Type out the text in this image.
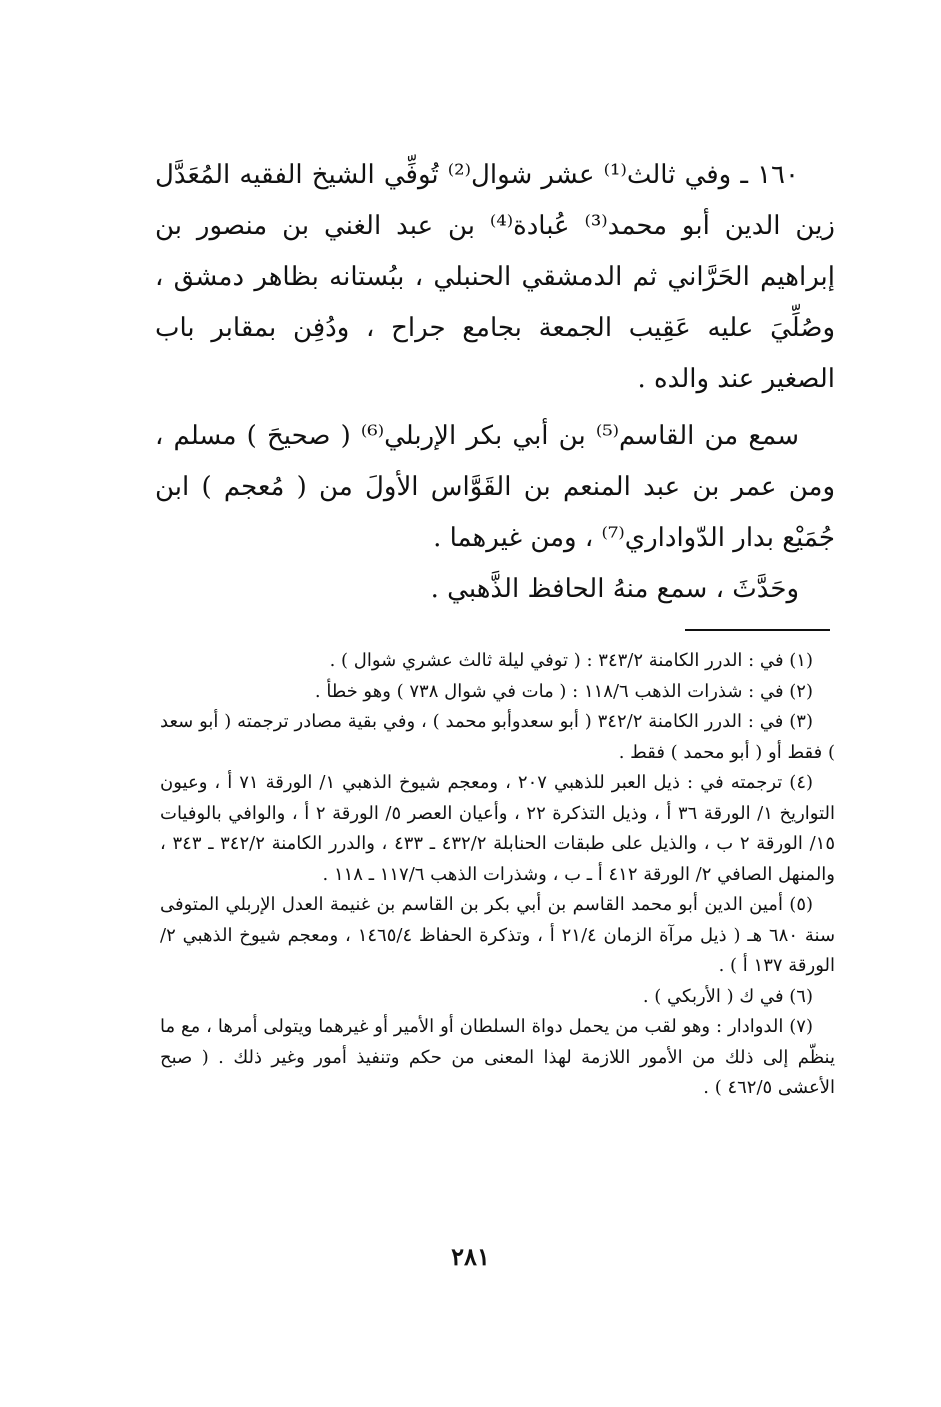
١٦٠ ـ وفي ثالث⁽¹⁾ عشر شوال⁽²⁾ تُوفِّي الشيخ الفقيه المُعَدَّل زين الدين أبو محمد⁽³⁾ عُبادة⁽⁴⁾ بن عبد الغني بن منصور بن إبراهيم الحَرَّاني ثم الدمشقي الحنبلي ، ببُستانه بظاهر دمشق ، وصُلِّيَ عليه عَقِيب الجمعة بجامع جراح ، ودُفِن بمقابر باب الصغير عند والده .

سمع من القاسم⁽⁵⁾ بن أبي بكر الإربلي⁽⁶⁾ ( صحيحَ ) مسلم ، ومن عمر بن عبد المنعم بن القَوَّاس الأولَ من ( مُعجم ) ابن جُمَيْع بدار الدّواداري⁽⁷⁾ ، ومن غيرهما .

وحَدَّثَ ، سمع منهُ الحافظ الذَّهبي .

(١) في : الدرر الكامنة ٣٤٣/٢ : ( توفي ليلة ثالث عشري شوال ) .

(٢) في : شذرات الذهب ١١٨/٦ : ( مات في شوال ٧٣٨ ) وهو خطأ .

(٣) في : الدرر الكامنة ٣٤٢/٢ ( أبو سعدوأبو محمد ) ، وفي بقية مصادر ترجمته ( أبو سعد ) فقط أو ( أبو محمد ) فقط .

(٤) ترجمته في : ذيل العبر للذهبي ٢٠٧ ، ومعجم شيوخ الذهبي ١/ الورقة ٧١ أ ، وعيون التواريخ ١/ الورقة ٣٦ أ ، وذيل التذكرة ٢٢ ، وأعيان العصر ٥/ الورقة ٢ أ ، والوافي بالوفيات ١٥/ الورقة ٢ ب ، والذيل على طبقات الحنابلة ٤٣٢/٢ ـ ٤٣٣ ، والدرر الكامنة ٣٤٢/٢ ـ ٣٤٣ ، والمنهل الصافي ٢/ الورقة ٤١٢ أ ـ ب ، وشذرات الذهب ١١٧/٦ ـ ١١٨ .

(٥) أمين الدين أبو محمد القاسم بن أبي بكر بن القاسم بن غنيمة العدل الإربلي المتوفى سنة ٦٨٠ هـ ( ذيل مرآة الزمان ٢١/٤ أ ، وتذكرة الحفاظ ١٤٦٥/٤ ، ومعجم شيوخ الذهبي ٢/ الورقة ١٣٧ أ ) .

(٦) في ك ( الأربكي ) .

(٧) الدوادار : وهو لقب من يحمل دواة السلطان أو الأمير أو غيرهما ويتولى أمرها ، مع ما ينظّم إلى ذلك من الأمور اللازمة لهذا المعنى من حكم وتنفيذ أمور وغير ذلك . ( صبح الأعشى ٤٦٢/٥ ) .

٢٨١
